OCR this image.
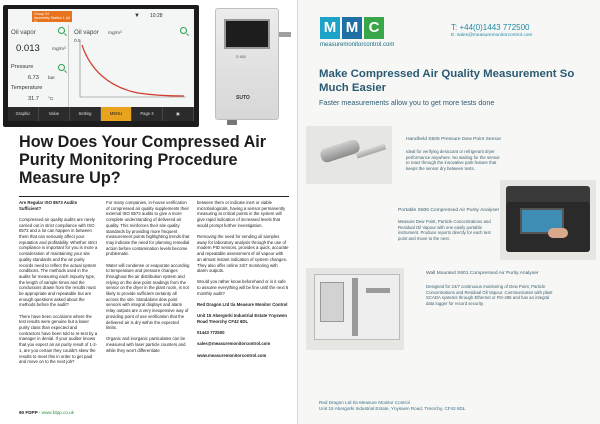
Group 04
Assembly Station 1 (id 5)
▼ 10:28
Oil vapor
0.013	mg/m³
Pressure
6.73 bar
Temperature
31.7 °C
Oil vapor mg/m³
0.5
Graphic	Value	Setting	MENU	Page 3	▣
S 600
SUTO
How Does Your Compressed Air Purity Monitoring Procedure Measure Up?

Are Regular ISO 8573 Audits Sufficient?

Compressed air quality audits are rarely carried out in strict compliance with ISO 8573 and a lot can happen in between them that can seriously affect your reputation and profitability. Whether strict compliance is important for you is more a consideration of maintaining your site quality standards and the air purity records need to reflect the actual system conditions. The methods used in the audits for measuring each impurity type, the length of sample times and the conclusions drawn from the results must be appropriate and repeatable but are enough questions asked about the methods before the audit?

There have been occasions where the test results were genuine but a lower purity class than expected and contractors have been told to re-test by a manager in denial. If your auditor knows that you expect an air purity result of 1-2-1, are you certain they couldn't skew the results to meet this in order to get paid and move on to the next job?

For many companies, in-house verification of compressed air quality supplements their external ISO 8573 audits to give a more complete understanding of delivered air quality. This reinforces their site quality standards by providing more frequent measurement points highlighting trends that may indicate the need for planning remedial action before contamination levels become problematic.

Water will condense or evaporate according to temperature and pressure changes throughout the air distribution system and relying on the dew point readings from the sensor on the dryer in the plant room, is not likely to provide sufficient certainty all across the site. Standalone dew point sensors with integral displays and alarm relay outputs are a very inexpensive way of providing point of use verification that the delivered air is dry within the expected limits.

Organic and inorganic particulates can be measured with laser particle counters and while they won't differentiate

between them or indicate inert or viable microbiologicals, having a sensor permanently measuring at critical points in the system will give rapid indication of increased levels that would prompt further investigation.

Removing the need for sending oil samples away for laboratory analysis through the use of modern PID sensors, provides a quick, accurate and repeatable assessment of oil vapour with an almost instant indication of system changes. They also offer online 24/7 monitoring with alarm outputs.

Would you rather know beforehand or is it safe to assume everything will be fine until the next 6 monthly audit?

Red Dragon Ltd t/a Measure Monitor Control

Unit 15 Abergorki Industrial Estate Ynyswen Road Treorchy CF42 6DL

01443 772500

sales@measuremonitorcontrol.com

www.measuremonitorcontrol.com

90 FDPP - www.fdpp.co.uk
M M C
measuremonitorcontrol.com
T: +44(0)1443 772500
E: sales@measuremonitorcontrol.com
Make Compressed Air Quality Measurement So Much Easier
Faster measurements allow you to get more tests done
Handheld S505 Pressure Dew Point Sensor
Ideal for verifying desiccant or refrigerant dryer performance anywhere. No waiting for the sensor to react through the innovative park feature that keeps the sensor dry between tests.
Portable S606 Compressed Air Purity Analyser
Measure Dew Point, Particle Concentrations and Residual Oil Vapour with one easily portable instrument. Produce reports directly for each test point and move to the next.
Wall Mounted S601 Compressed Air Purity Analyser
Designed for 24/7 continuous monitoring of Dew Point, Particle Concentrations and Residual Oil Vapour. Communicates with plant SCADA systems through Ethernet or RS-485 and has an integral data logger for record security.
Red Dragon Ltd t/a Measure Monitor Control
Unit 15 Abergorki Industrial Estate, Ynyswen Road, Treorchy, CF42 6DL
